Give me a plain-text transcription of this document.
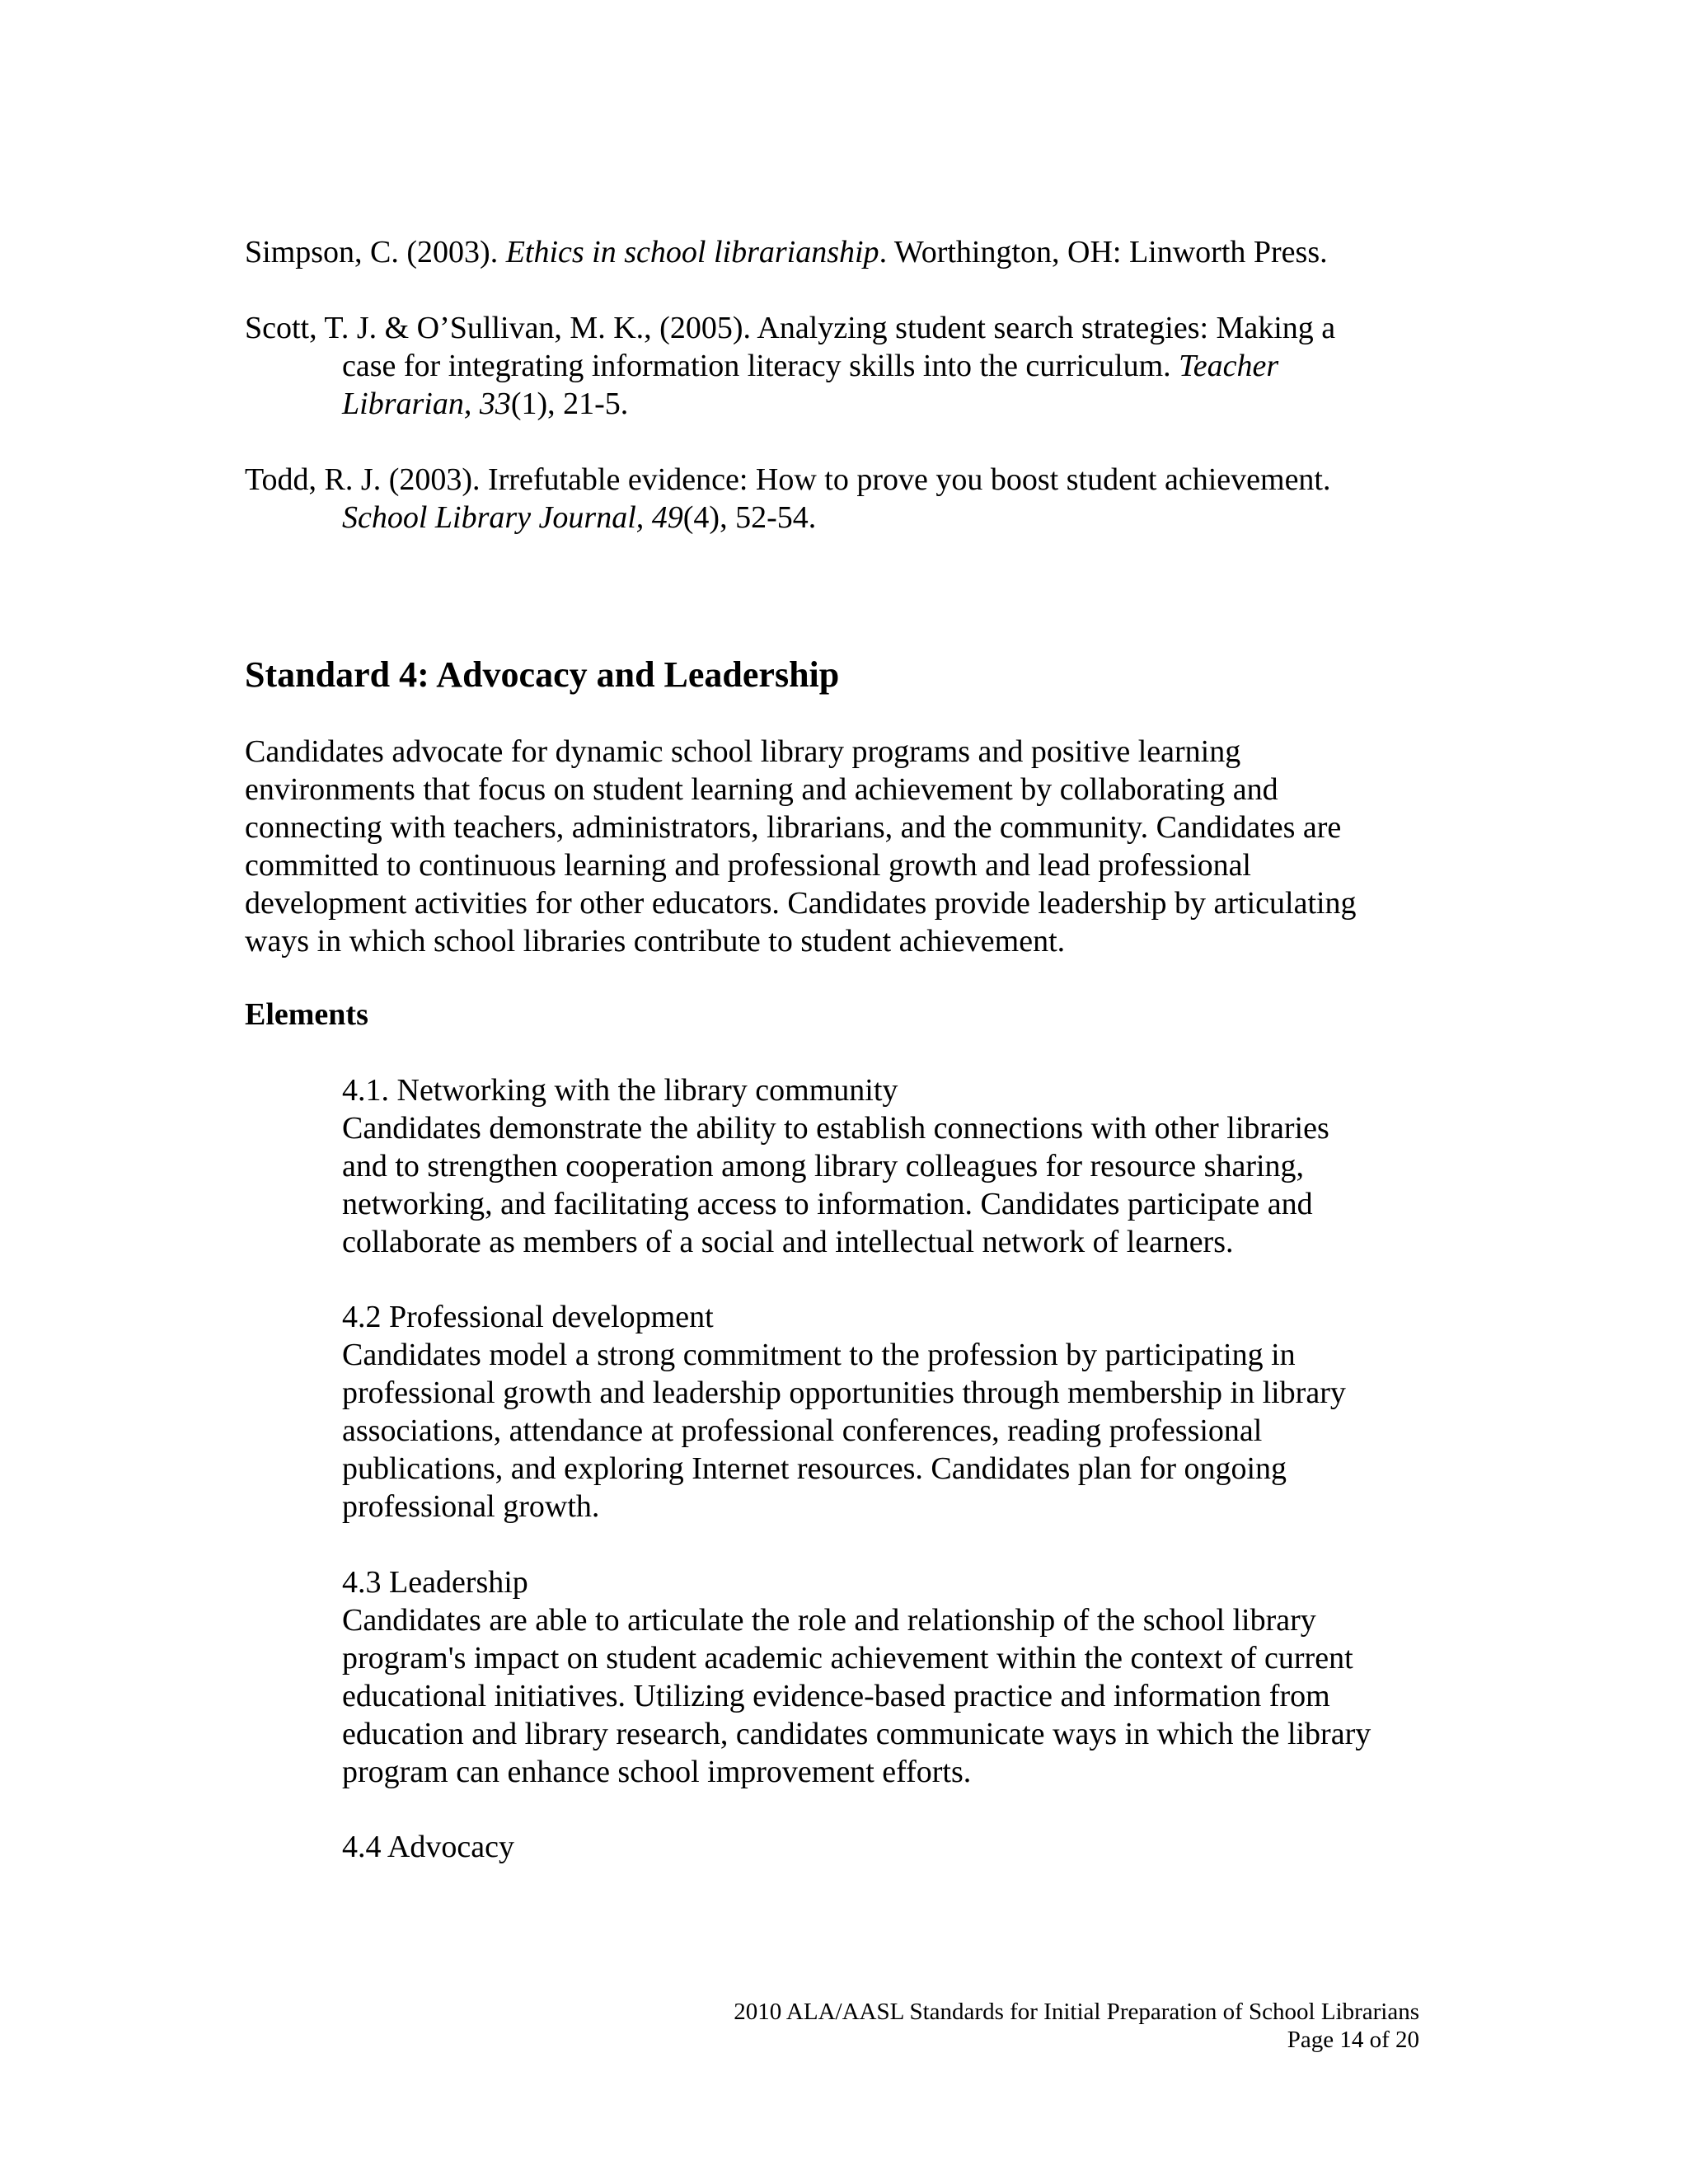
Simpson, C. (2003). Ethics in school librarianship. Worthington, OH: Linworth Press.
Scott, T. J. & O’Sullivan, M. K., (2005). Analyzing student search strategies: Making a
case for integrating information literacy skills into the curriculum. Teacher
Librarian, 33(1), 21-5.
Todd, R. J. (2003). Irrefutable evidence: How to prove you boost student achievement.
School Library Journal, 49(4), 52-54.
Standard 4: Advocacy and Leadership
Candidates advocate for dynamic school library programs and positive learning
environments that focus on student learning and achievement by collaborating and
connecting with teachers, administrators, librarians, and the community. Candidates are
committed to continuous learning and professional growth and lead professional
development activities for other educators. Candidates provide leadership by articulating
ways in which school libraries contribute to student achievement.
Elements
4.1. Networking with the library community
Candidates demonstrate the ability to establish connections with other libraries
and to strengthen cooperation among library colleagues for resource sharing,
networking, and facilitating access to information. Candidates participate and
collaborate as members of a social and intellectual network of learners.
4.2 Professional development
Candidates model a strong commitment to the profession by participating in
professional growth and leadership opportunities through membership in library
associations, attendance at professional conferences, reading professional
publications, and exploring Internet resources. Candidates plan for ongoing
professional growth.
4.3 Leadership
Candidates are able to articulate the role and relationship of the school library
program's impact on student academic achievement within the context of current
educational initiatives. Utilizing evidence-based practice and information from
education and library research, candidates communicate ways in which the library
program can enhance school improvement efforts.
4.4 Advocacy
2010 ALA/AASL Standards for Initial Preparation of School Librarians
Page 14 of 20
